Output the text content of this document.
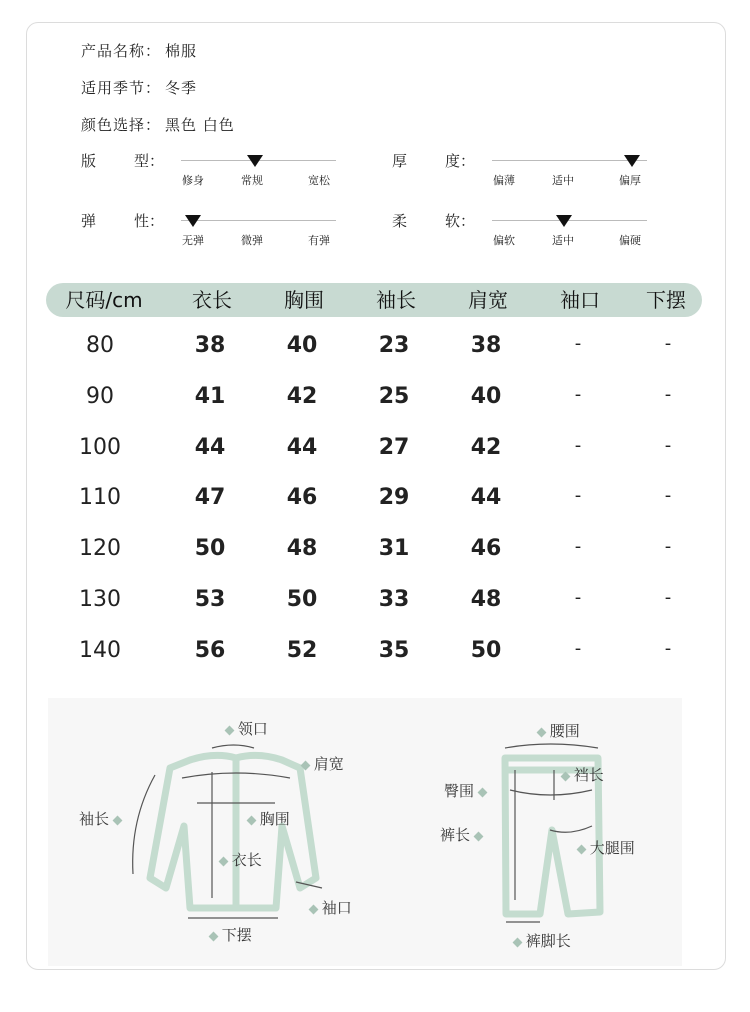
产品名称： 棉服
适用季节： 冬季
颜色选择： 黑色 白色
版	型：
修身	常规	宽松
厚	度：
偏薄	适中	偏厚
弹	性：
无弹	微弹	有弹
柔	软：
偏软	适中	偏硬
尺码/cm	衣长	胸围	袖长	肩宽	袖口	下摆
80	38	40	23	38	-	-
90	41	42	25	40	-	-
100	44	44	27	42	-	-
110	47	46	29	44	-	-
120	50	48	31	46	-	-
130	53	50	33	48	-	-
140	56	52	35	50	-	-
领口
肩宽
袖长	胸围
衣长
袖口
下摆
腰围
裆长
臀围
裤长
大腿围
裤脚长
